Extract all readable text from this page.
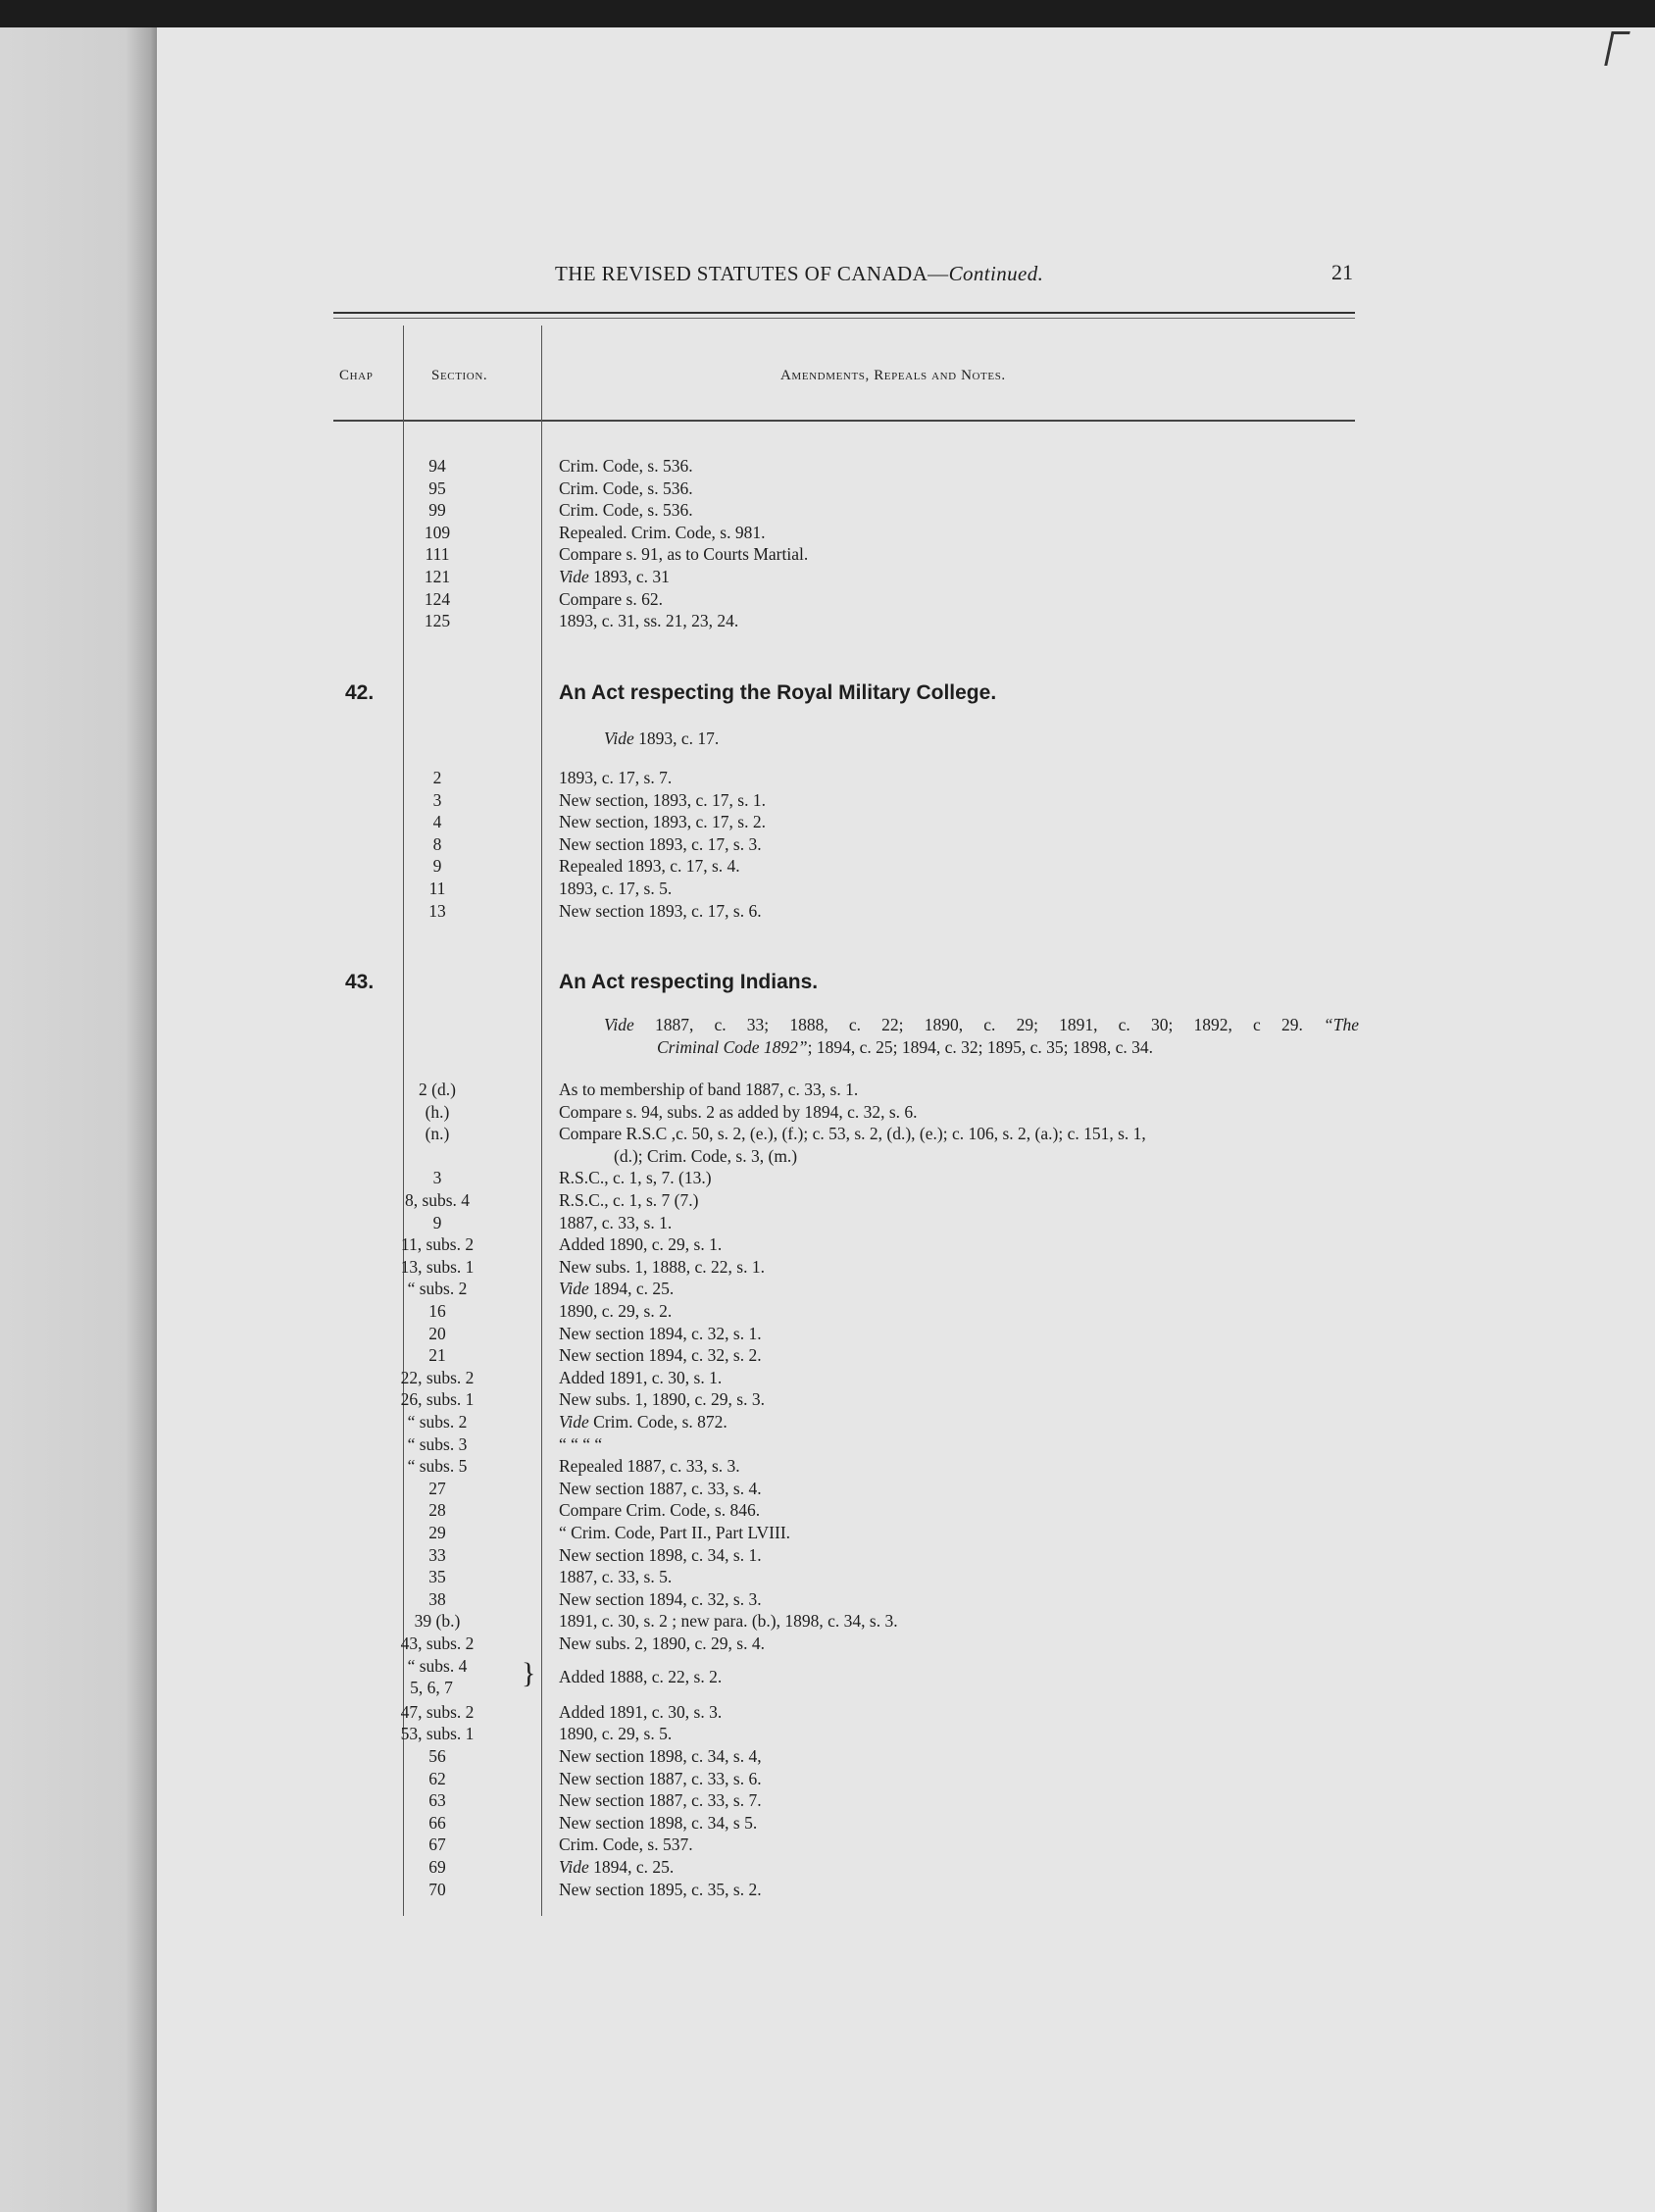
THE REVISED STATUTES OF CANADA—Continued.	21
Chap	Section.	Amendments, Repeals and Notes.
94	Crim. Code, s. 536.
95	Crim. Code, s. 536.
99	Crim. Code, s. 536.
109	Repealed. Crim. Code, s. 981.
111	Compare s. 91, as to Courts Martial.
121	Vide 1893, c. 31
124	Compare s. 62.
125	1893, c. 31, ss. 21, 23, 24.
42.	An Act respecting the Royal Military College.
Vide 1893, c. 17.
2	1893, c. 17, s. 7.
3	New section, 1893, c. 17, s. 1.
4	New section, 1893, c. 17, s. 2.
8	New section 1893, c. 17, s. 3.
9	Repealed 1893, c. 17, s. 4.
11	1893, c. 17, s. 5.
13	New section 1893, c. 17, s. 6.
43.	An Act respecting Indians.
Vide 1887, c. 33; 1888, c. 22; 1890, c. 29; 1891, c. 30; 1892, c 29. “The
Criminal Code 1892”; 1894, c. 25; 1894, c. 32; 1895, c. 35; 1898, c. 34.
2 (d.)	As to membership of band 1887, c. 33, s. 1.
(h.)	Compare s. 94, subs. 2 as added by 1894, c. 32, s. 6.
(n.)	Compare R.S.C ,c. 50, s. 2, (e.), (f.); c. 53, s. 2, (d.), (e.); c. 106, s. 2, (a.); c. 151, s. 1,
(d.); Crim. Code, s. 3, (m.)
3	R.S.C., c. 1, s, 7. (13.)
8, subs. 4	R.S.C., c. 1, s. 7 (7.)
9	1887, c. 33, s. 1.
11, subs. 2	Added 1890, c. 29, s. 1.
13, subs. 1	New subs. 1, 1888, c. 22, s. 1.
“ subs. 2	Vide 1894, c. 25.
16	1890, c. 29, s. 2.
20	New section 1894, c. 32, s. 1.
21	New section 1894, c. 32, s. 2.
22, subs. 2	Added 1891, c. 30, s. 1.
26, subs. 1	New subs. 1, 1890, c. 29, s. 3.
“ subs. 2	Vide Crim. Code, s. 872.
“ subs. 3	“ “ “ “
“ subs. 5	Repealed 1887, c. 33, s. 3.
27	New section 1887, c. 33, s. 4.
28	Compare Crim. Code, s. 846.
29	“ Crim. Code, Part II., Part LVIII.
33	New section 1898, c. 34, s. 1.
35	1887, c. 33, s. 5.
38	New section 1894, c. 32, s. 3.
39 (b.)	1891, c. 30, s. 2 ; new para. (b.), 1898, c. 34, s. 3.
43, subs. 2	New subs. 2, 1890, c. 29, s. 4.
“ subs. 4
5, 6, 7	} Added 1888, c. 22, s. 2.
47, subs. 2	Added 1891, c. 30, s. 3.
53, subs. 1	1890, c. 29, s. 5.
56	New section 1898, c. 34, s. 4,
62	New section 1887, c. 33, s. 6.
63	New section 1887, c. 33, s. 7.
66	New section 1898, c. 34, s 5.
67	Crim. Code, s. 537.
69	Vide 1894, c. 25.
70	New section 1895, c. 35, s. 2.
